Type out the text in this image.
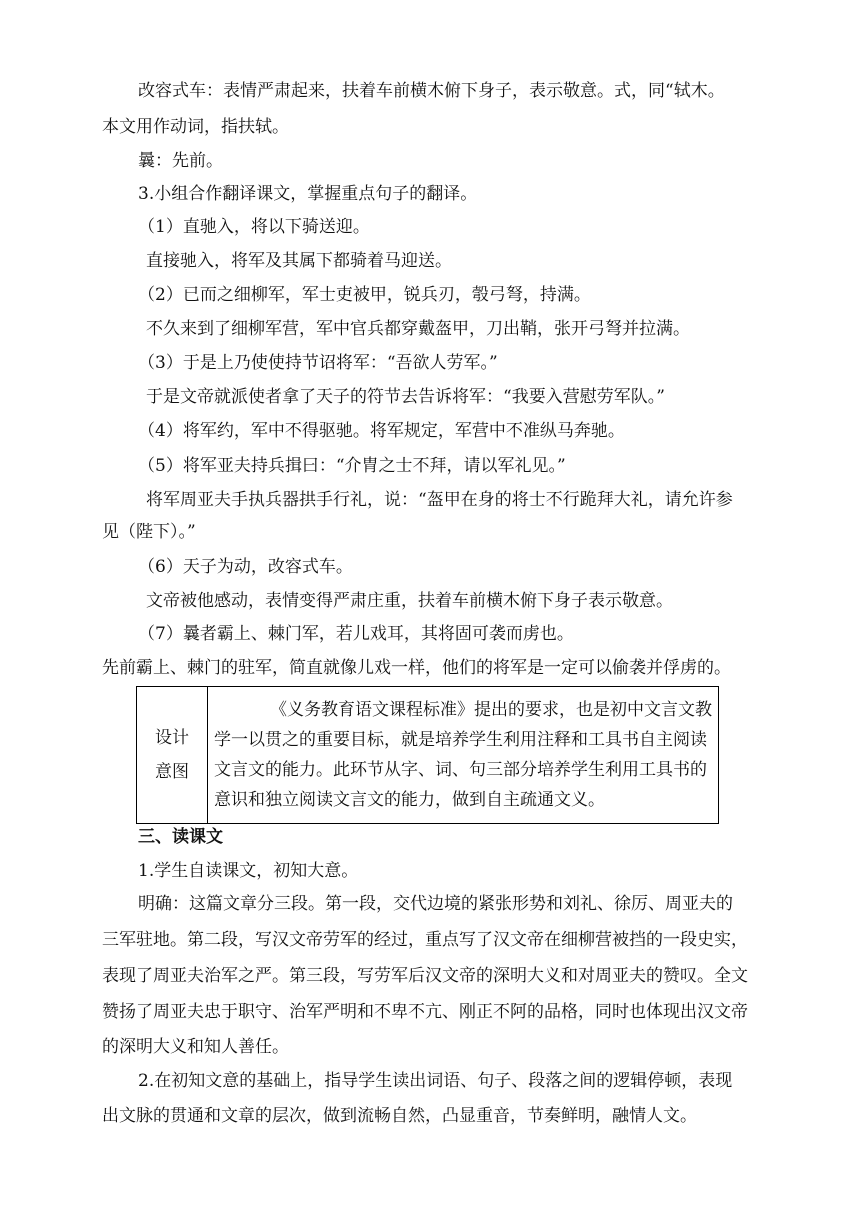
改容式车：表情严肃起来，扶着车前横木俯下身子，表示敬意。式，同“轼木。
本文用作动词，指扶轼。
曩：先前。
3.小组合作翻译课文，掌握重点句子的翻译。
（1）直驰入，将以下骑送迎。
直接驰入，将军及其属下都骑着马迎送。
（2）已而之细柳军，军士吏被甲，锐兵刃，彀弓弩，持满。
不久来到了细柳军营，军中官兵都穿戴盔甲，刀出鞘，张开弓弩并拉满。
（3）于是上乃使使持节诏将军：“吾欲人劳军。”
于是文帝就派使者拿了天子的符节去告诉将军：“我要入营慰劳军队。”
（4）将军约，军中不得驱驰。将军规定，军营中不准纵马奔驰。
（5）将军亚夫持兵揖曰：“介胄之士不拜，请以军礼见。”
将军周亚夫手执兵器拱手行礼，说：“盔甲在身的将士不行跪拜大礼，请允许参
见（陛下）。”
（6）天子为动，改容式车。
文帝被他感动，表情变得严肃庄重，扶着车前横木俯下身子表示敬意。
（7）曩者霸上、棘门军，若儿戏耳，其将固可袭而虏也。
先前霸上、棘门的驻军，简直就像儿戏一样，他们的将军是一定可以偷袭并俘虏的。
设计
意图

《义务教育语文课程标准》提出的要求，也是初中文言文教
学一以贯之的重要目标，就是培养学生利用注释和工具书自主阅读
文言文的能力。此环节从字、词、句三部分培养学生利用工具书的
意识和独立阅读文言文的能力，做到自主疏通文义。
三、读课文
1.学生自读课文，初知大意。
明确：这篇文章分三段。第一段，交代边境的紧张形势和刘礼、徐厉、周亚夫的
三军驻地。第二段，写汉文帝劳军的经过，重点写了汉文帝在细柳营被挡的一段史实，
表现了周亚夫治军之严。第三段，写劳军后汉文帝的深明大义和对周亚夫的赞叹。全文
赞扬了周亚夫忠于职守、治军严明和不卑不亢、刚正不阿的品格，同时也体现出汉文帝
的深明大义和知人善任。
2.在初知文意的基础上，指导学生读出词语、句子、段落之间的逻辑停顿，表现
出文脉的贯通和文章的层次，做到流畅自然，凸显重音，节奏鲜明，融情人文。
